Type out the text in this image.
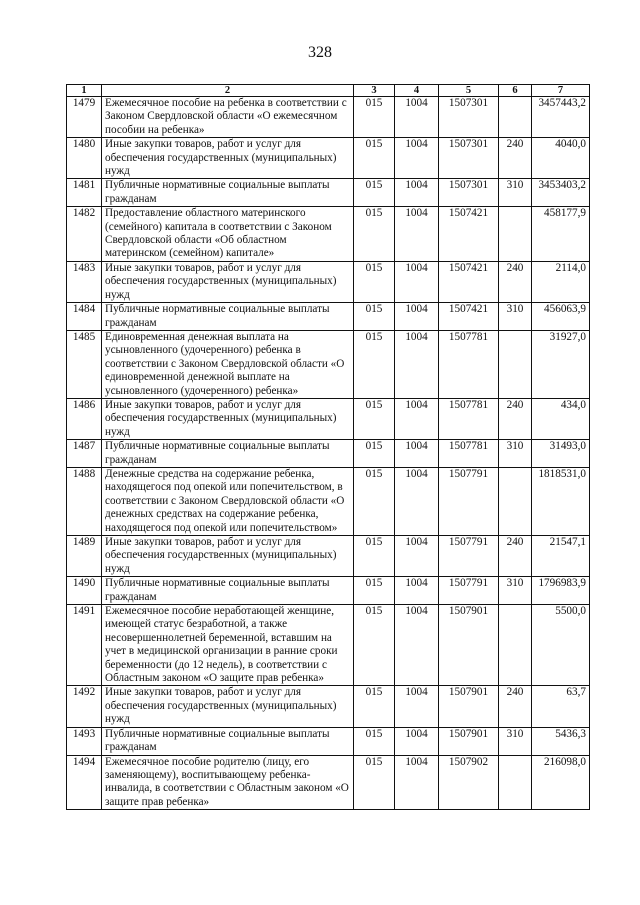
328
1	2	3	4	5	6	7
1479	Ежемесячное пособие на ребенка в соответствии с Законом Свердловской области «О ежемесячном пособии на ребенка»	015	1004	1507301		3457443,2
1480	Иные закупки товаров, работ и услуг для обеспечения государственных (муниципальных) нужд	015	1004	1507301	240	4040,0
1481	Публичные нормативные социальные выплаты гражданам	015	1004	1507301	310	3453403,2
1482	Предоставление областного материнского (семейного) капитала в соответствии с Законом Свердловской области «Об областном материнском (семейном) капитале»	015	1004	1507421		458177,9
1483	Иные закупки товаров, работ и услуг для обеспечения государственных (муниципальных) нужд	015	1004	1507421	240	2114,0
1484	Публичные нормативные социальные выплаты гражданам	015	1004	1507421	310	456063,9
1485	Единовременная денежная выплата на усыновленного (удочеренного) ребенка в соответствии с Законом Свердловской области «О единовременной денежной выплате на усыновленного (удочеренного) ребенка»	015	1004	1507781		31927,0
1486	Иные закупки товаров, работ и услуг для обеспечения государственных (муниципальных) нужд	015	1004	1507781	240	434,0
1487	Публичные нормативные социальные выплаты гражданам	015	1004	1507781	310	31493,0
1488	Денежные средства на содержание ребенка, находящегося под опекой или попечительством, в соответствии с Законом Свердловской области «О денежных средствах на содержание ребенка, находящегося под опекой или попечительством»	015	1004	1507791		1818531,0
1489	Иные закупки товаров, работ и услуг для обеспечения государственных (муниципальных) нужд	015	1004	1507791	240	21547,1
1490	Публичные нормативные социальные выплаты гражданам	015	1004	1507791	310	1796983,9
1491	Ежемесячное пособие неработающей женщине, имеющей статус безработной, а также несовершеннолетней беременной, вставшим на учет в медицинской организации в ранние сроки беременности (до 12 недель), в соответствии с Областным законом «О защите прав ребенка»	015	1004	1507901		5500,0
1492	Иные закупки товаров, работ и услуг для обеспечения государственных (муниципальных) нужд	015	1004	1507901	240	63,7
1493	Публичные нормативные социальные выплаты гражданам	015	1004	1507901	310	5436,3
1494	Ежемесячное пособие родителю (лицу, его заменяющему), воспитывающему ребенка-инвалида, в соответствии с Областным законом «О защите прав ребенка»	015	1004	1507902		216098,0
